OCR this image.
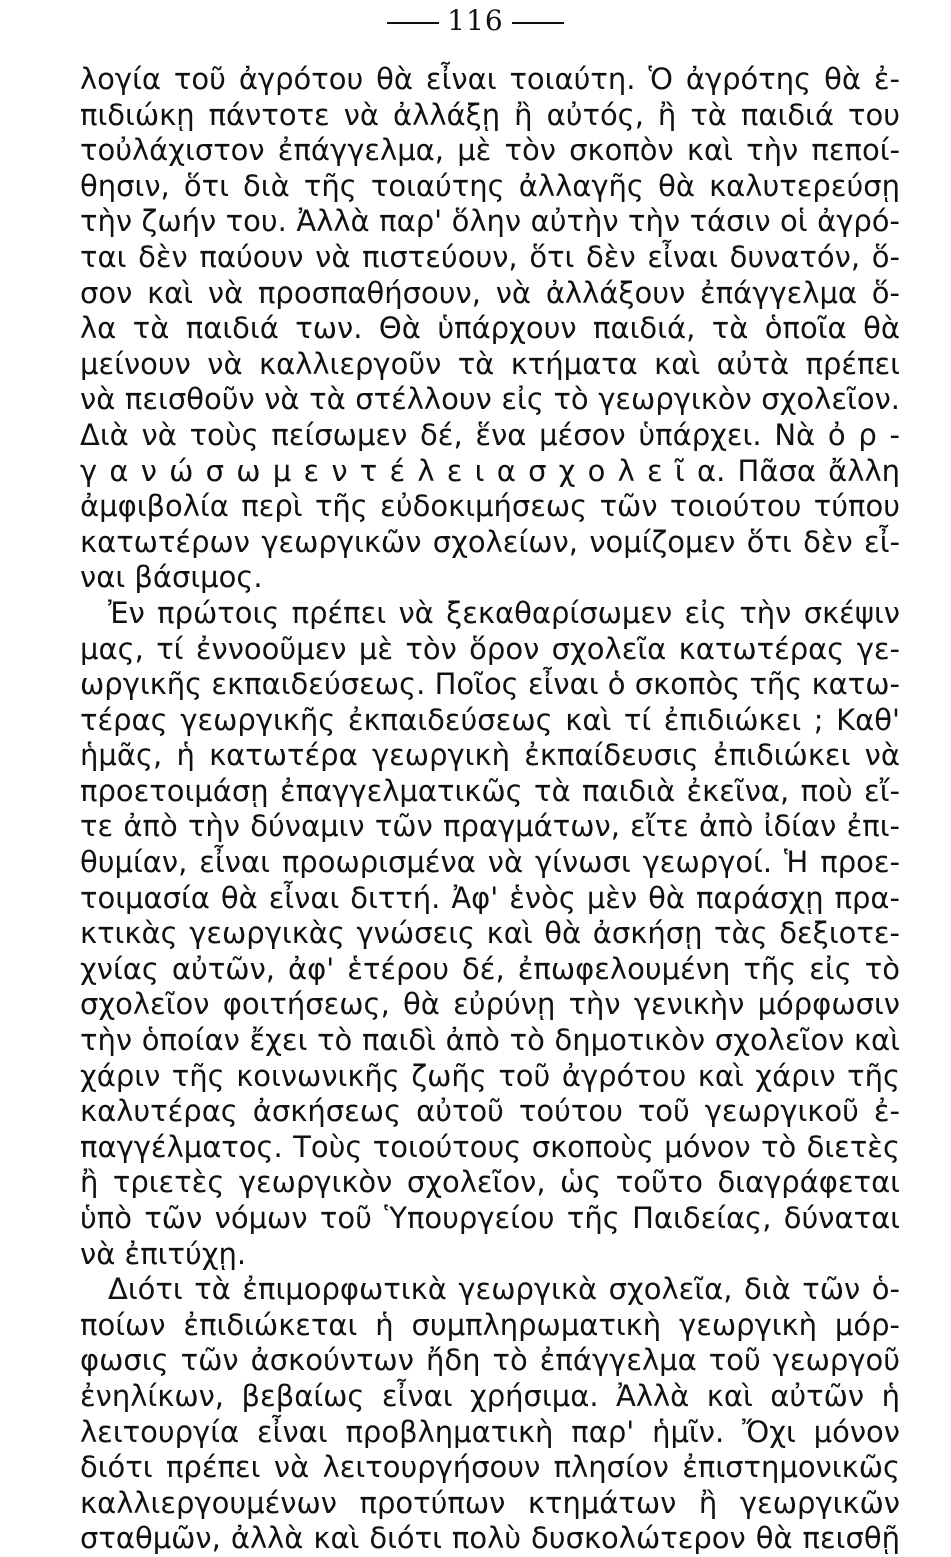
116
λογία τοῦ ἀγρότου θὰ εἶναι τοιαύτη. Ὁ ἀγρότης θὰ ἐ-
πιδιώκῃ πάντοτε νὰ ἀλλάξῃ ἢ αὐτός, ἢ τὰ παιδιά του
τοὐλάχιστον ἐπάγγελμα, μὲ τὸν σκοπὸν καὶ τὴν πεποί-
θησιν, ὅτι διὰ τῆς τοιαύτης ἀλλαγῆς θὰ καλυτερεύσῃ
τὴν ζωήν του. Ἀλλὰ παρ' ὅλην αὐτὴν τὴν τάσιν οἱ ἀγρό-
ται δὲν παύουν νὰ πιστεύουν, ὅτι δὲν εἶναι δυνατόν, ὅ-
σον καὶ νὰ προσπαθήσουν, νὰ ἀλλάξουν ἐπάγγελμα ὅ-
λα τὰ παιδιά των. Θὰ ὑπάρχουν παιδιά, τὰ ὁποῖα θὰ
μείνουν νὰ καλλιεργοῦν τὰ κτήματα καὶ αὐτὰ πρέπει
νὰ πεισθοῦν νὰ τὰ στέλλουν εἰς τὸ γεωργικὸν σχολεῖον.
Διὰ νὰ τοὺς πείσωμεν δέ, ἕνα μέσον ὑπάρχει. Νὰ ὀ ρ -
γ α ν ώ σ ω μ ε ν τ έ λ ε ι α σ χ ο λ ε ῖ α. Πᾶσα ἄλλη
ἀμφιβολία περὶ τῆς εὐδοκιμήσεως τῶν τοιούτου τύπου
κατωτέρων γεωργικῶν σχολείων, νομίζομεν ὅτι δὲν εἶ-
ναι βάσιμος.
Ἐν πρώτοις πρέπει νὰ ξεκαθαρίσωμεν εἰς τὴν σκέψιν
μας, τί ἐννοοῦμεν μὲ τὸν ὅρον σχολεῖα κατωτέρας γε-
ωργικῆς εκπαιδεύσεως. Ποῖος εἶναι ὁ σκοπὸς τῆς κατω-
τέρας γεωργικῆς ἐκπαιδεύσεως καὶ τί ἐπιδιώκει ; Καθ'
ἡμᾶς, ἡ κατωτέρα γεωργικὴ ἐκπαίδευσις ἐπιδιώκει νὰ
προετοιμάσῃ ἐπαγγελματικῶς τὰ παιδιὰ ἐκεῖνα, ποὺ εἴ-
τε ἀπὸ τὴν δύναμιν τῶν πραγμάτων, εἴτε ἀπὸ ἰδίαν ἐπι-
θυμίαν, εἶναι προωρισμένα νὰ γίνωσι γεωργοί. Ἡ προε-
τοιμασία θὰ εἶναι διττή. Ἀφ' ἑνὸς μὲν θὰ παράσχῃ πρα-
κτικὰς γεωργικὰς γνώσεις καὶ θὰ ἀσκήσῃ τὰς δεξιοτε-
χνίας αὐτῶν, ἀφ' ἑτέρου δέ, ἐπωφελουμένη τῆς εἰς τὸ
σχολεῖον φοιτήσεως, θὰ εὐρύνῃ τὴν γενικὴν μόρφωσιν
τὴν ὁποίαν ἔχει τὸ παιδὶ ἀπὸ τὸ δημοτικὸν σχολεῖον καὶ
χάριν τῆς κοινωνικῆς ζωῆς τοῦ ἀγρότου καὶ χάριν τῆς
καλυτέρας ἀσκήσεως αὐτοῦ τούτου τοῦ γεωργικοῦ ἐ-
παγγέλματος. Τοὺς τοιούτους σκοποὺς μόνον τὸ διετὲς
ἢ τριετὲς γεωργικὸν σχολεῖον, ὡς τοῦτο διαγράφεται
ὑπὸ τῶν νόμων τοῦ Ὑπουργείου τῆς Παιδείας, δύναται
νὰ ἐπιτύχῃ.
Διότι τὰ ἐπιμορφωτικὰ γεωργικὰ σχολεῖα, διὰ τῶν ὁ-
ποίων ἐπιδιώκεται ἡ συμπληρωματικὴ γεωργικὴ μόρ-
φωσις τῶν ἀσκούντων ἤδη τὸ ἐπάγγελμα τοῦ γεωργοῦ
ἐνηλίκων, βεβαίως εἶναι χρήσιμα. Ἀλλὰ καὶ αὐτῶν ἡ
λειτουργία εἶναι προβληματικὴ παρ' ἡμῖν. Ὄχι μόνον
διότι πρέπει νὰ λειτουργήσουν πλησίον ἐπιστημονικῶς
καλλιεργουμένων προτύπων κτημάτων ἢ γεωργικῶν
σταθμῶν, ἀλλὰ καὶ διότι πολὺ δυσκολώτερον θὰ πεισθῇ
